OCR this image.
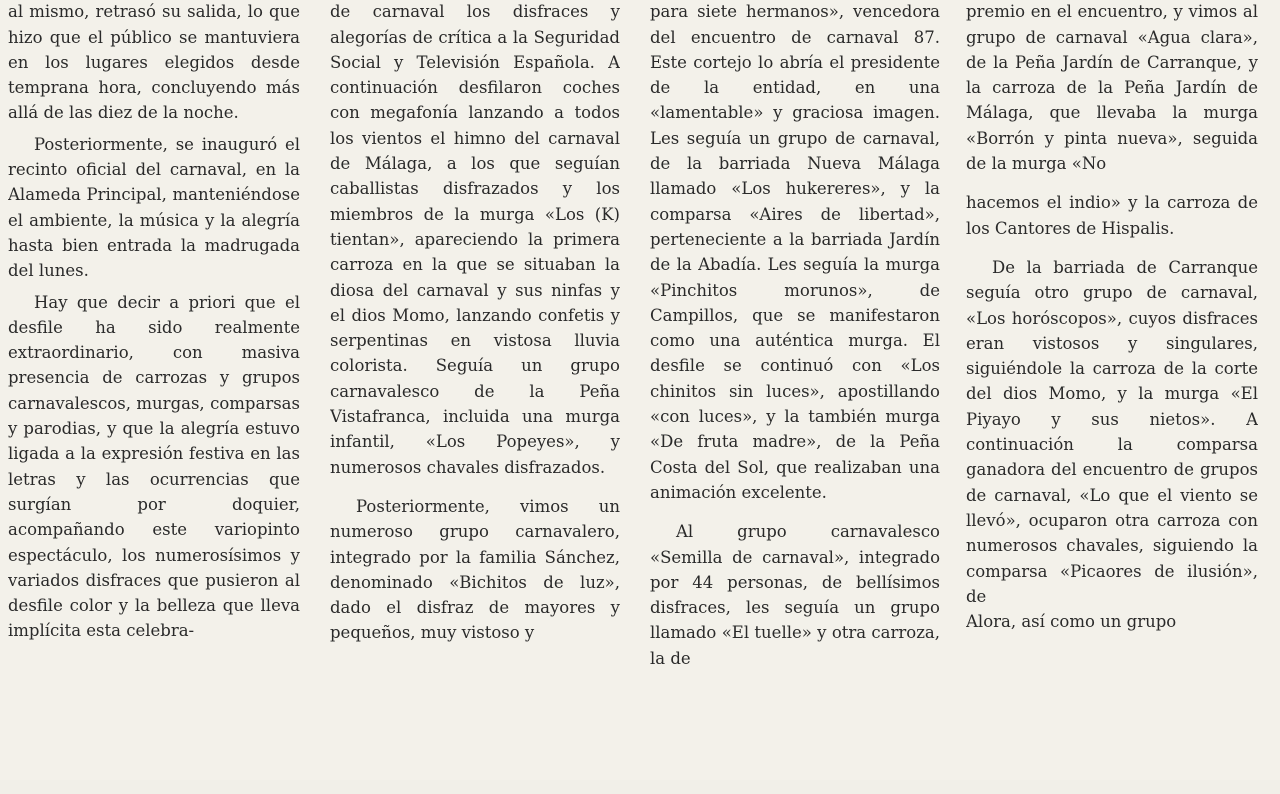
al mismo, retrasó su salida, lo que hizo que el público se mantuviera en los lugares elegidos desde temprana hora, concluyendo más allá de las diez de la noche.

Posteriormente, se inauguró el recinto oficial del carnaval, en la Alameda Principal, manteniéndose el ambiente, la música y la alegría hasta bien entrada la madrugada del lunes.

Hay que decir a priori que el desfile ha sido realmente extraordinario, con masiva presencia de carrozas y grupos carnavalescos, murgas, comparsas y parodias, y que la alegría estuvo ligada a la expresión festiva en las letras y las ocurrencias que surgían por doquier, acompañando este variopinto espectáculo, los numerosísimos y variados disfraces que pusieron al desfile color y la belleza que lleva implícita esta celebra-

de carnaval los disfraces y alegorías de crítica a la Seguridad Social y Televisión Española. A continuación desfilaron coches con megafonía lanzando a todos los vientos el himno del carnaval de Málaga, a los que seguían caballistas disfrazados y los miembros de la murga «Los (K) tientan», apareciendo la primera carroza en la que se situaban la diosa del carnaval y sus ninfas y el dios Momo, lanzando confetis y serpentinas en vistosa lluvia colorista. Seguía un grupo carnavalesco de la Peña Vistafranca, incluida una murga infantil, «Los Popeyes», y numerosos chavales disfrazados.

Posteriormente, vimos un numeroso grupo carnavalero, integrado por la familia Sánchez, denominado «Bichitos de luz», dado el disfraz de mayores y pequeños, muy vistoso y

para siete hermanos», vencedora del encuentro de carnaval 87. Este cortejo lo abría el presidente de la entidad, en una «lamentable» y graciosa imagen. Les seguía un grupo de carnaval, de la barriada Nueva Málaga llamado «Los hukereres», y la comparsa «Aires de libertad», perteneciente a la barriada Jardín de la Abadía. Les seguía la murga «Pinchitos morunos», de Campillos, que se manifestaron como una auténtica murga. El desfile se continuó con «Los chinitos sin luces», apostillando «con luces», y la también murga «De fruta madre», de la Peña Costa del Sol, que realizaban una animación excelente.

Al grupo carnavalesco «Semilla de carnaval», integrado por 44 personas, de bellísimos disfraces, les seguía un grupo llamado «El tuelle» y otra carroza, la de

premio en el encuentro, y vimos al grupo de carnaval «Agua clara», de la Peña Jardín de Carranque, y la carroza de la Peña Jardín de Málaga, que llevaba la murga «Borrón y pinta nueva», seguida de la murga «No

hacemos el indio» y la carroza de los Cantores de Hispalis.

De la barriada de Carranque seguía otro grupo de carnaval, «Los horóscopos», cuyos disfraces eran vistosos y singulares, siguiéndole la carroza de la corte del dios Momo, y la murga «El Piyayo y sus nietos». A continuación la comparsa ganadora del encuentro de grupos de carnaval, «Lo que el viento se llevó», ocuparon otra carroza con numerosos chavales, siguiendo la comparsa «Picaores de ilusión», de

Alora, así como un grupo
